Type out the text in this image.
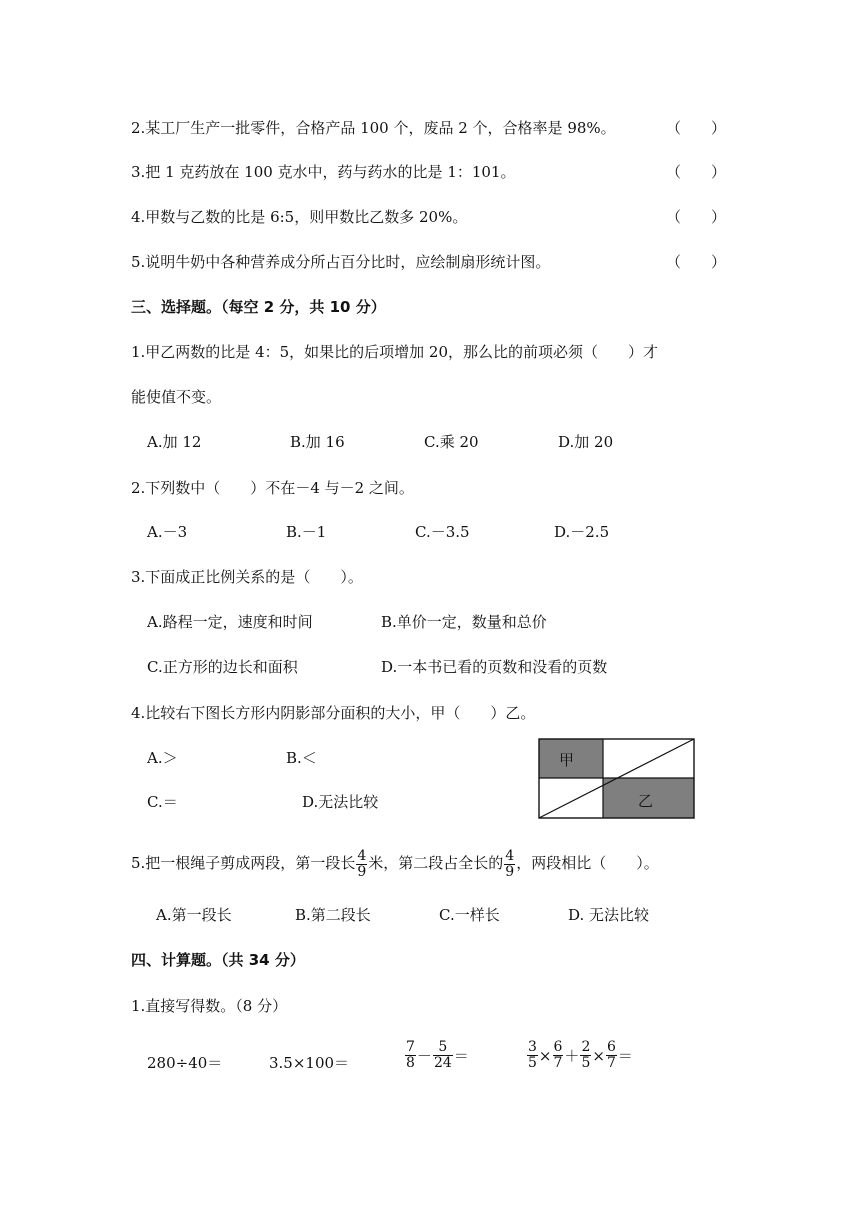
2.某工厂生产一批零件，合格产品 100 个，废品 2 个，合格率是 98%。	（　　）
3.把 1 克药放在 100 克水中，药与药水的比是 1：101。	（　　）
4.甲数与乙数的比是 6:5，则甲数比乙数多 20%。	（　　）
5.说明牛奶中各种营养成分所占百分比时，应绘制扇形统计图。	（　　）
三、选择题。（每空 2 分，共 10 分）
1.甲乙两数的比是 4：5，如果比的后项增加 20，那么比的前项必须（　　）才
能使值不变。
A.加 12	B.加 16	C.乘 20	D.加 20
2.下列数中（　　）不在－4 与－2 之间。
A.－3	B.－1	C.－3.5	D.－2.5
3.下面成正比例关系的是（　　）。
A.路程一定，速度和时间	B.单价一定，数量和总价
C.正方形的边长和面积	D.一本书已看的页数和没看的页数
4.比较右下图长方形内阴影部分面积的大小，甲（　　）乙。
A.＞	B.＜
C.＝	D.无法比较
甲
乙
5.把一根绳子剪成两段，第一段长 $\frac{4}{9}$ 米，第二段占全长的 $\frac{4}{9}$ ，两段相比（　　）。
A.第一段长	B.第二段长	C.一样长	D. 无法比较
四、计算题。（共 34 分）
1.直接写得数。（8 分）
280÷40＝	3.5×100＝	$\frac{7}{8} - \frac{5}{24}$ ＝	$\frac{3}{5} \times \frac{6}{7} + \frac{2}{5} \times \frac{6}{7}$ ＝
